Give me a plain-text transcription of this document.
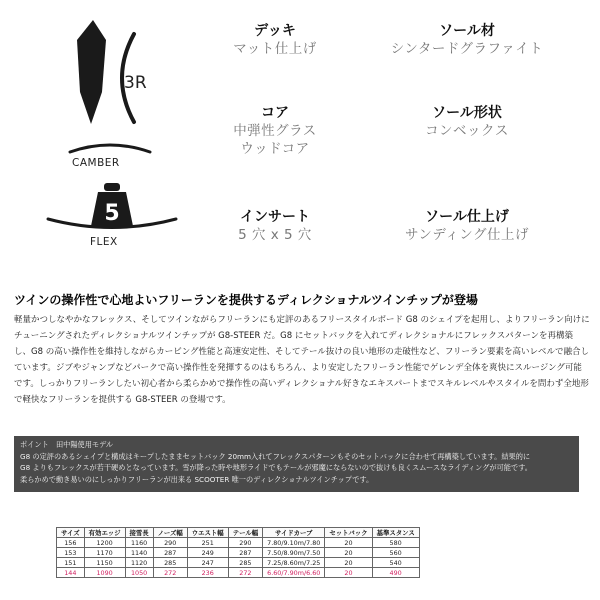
3R
CAMBER
5
FLEX
デッキ
マット仕上げ
ソール材
シンタードグラファイト
コア
中弾性グラス
ウッドコア
ソール形状
コンベックス
インサート
5 穴 x 5 穴
ソール仕上げ
サンディング仕上げ
ツインの操作性で心地よいフリーランを提供するディレクショナルツインチップが登場

軽量かつしなやかなフレックス、そしてツインながらフリーランにも定評のあるフリースタイルボード G8 のシェイプを起用し、よりフリーラン向けにチューニングされたディレクショナルツインチップが G8-STEER だ。G8 にセットバックを入れてディレクショナルにフレックスパターンを再構築し、G8 の高い操作性を維持しながらカービング性能と高速安定性、そしてテール抜けの良い地形の走破性など、フリーラン要素を高いレベルで融合しています。ジブやジャンプなどパークで高い操作性を発揮するのはもちろん、より安定したフリーラン性能でゲレンデ全体を爽快にスルージング可能です。しっかりフリーランしたい初心者から柔らかめで操作性の高いディレクショナル好きなエキスパートまでスキルレベルやスタイルを問わず全地形で軽快なフリーランを提供する G8-STEER の登場です。

ポイント　田中陽使用モデル

G8 の定評のあるシェイプと構成はキープしたままセットバック 20mm入れてフレックスパターンもそのセットバックに合わせて再構築しています。結果的に

G8 よりもフレックスが若干硬めとなっています。雪が降った時や地形ライドでもテールが邪魔にならないので抜けも良くスムースなライディングが可能です。

柔らかめで動き易いのにしっかりフリーランが出来る SCOOTER 唯一のディレクショナルツインチップです。

サイズ	有効エッジ	接雪長	ノーズ幅	ウエスト幅	テール幅	サイドカーブ	セットバック	基準スタンス
156	1200	1160	290	251	290	7.80/9.10m/7.80	20	580
153	1170	1140	287	249	287	7.50/8.90m/7.50	20	560
151	1150	1120	285	247	285	7.25/8.60m/7.25	20	540
144	1090	1050	272	236	272	6.60/7.90m/6.60	20	490
